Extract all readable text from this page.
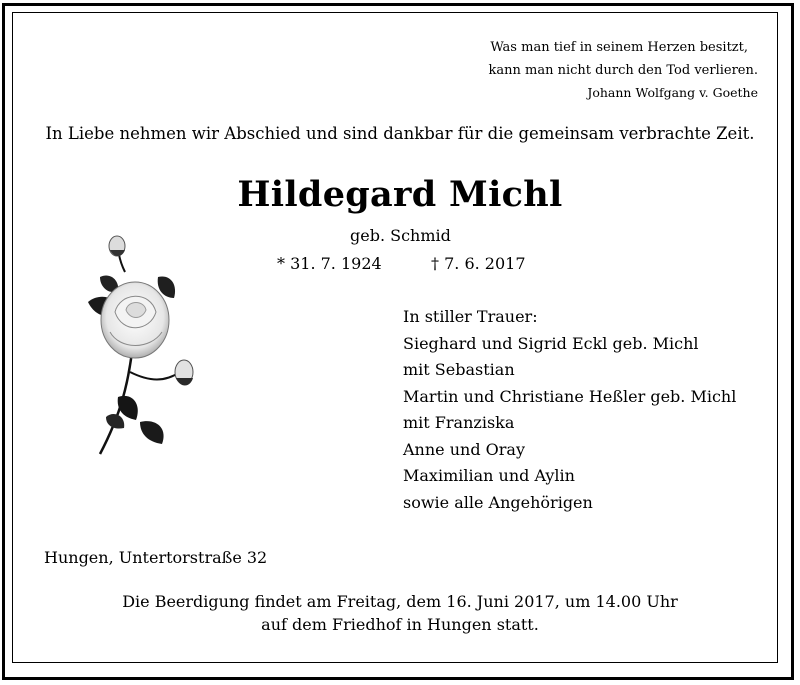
Was man tief in seinem Herzen besitzt,
kann man nicht durch den Tod verlieren.
Johann Wolfgang v. Goethe
In Liebe nehmen wir Abschied und sind dankbar für die gemeinsam verbrachte Zeit.
Hildegard Michl
geb. Schmid
* 31. 7. 1924	† 7. 6. 2017
In stiller Trauer:
Sieghard und Sigrid Eckl geb. Michl
mit Sebastian
Martin und Christiane Heßler geb. Michl
mit Franziska
Anne und Oray
Maximilian und Aylin
sowie alle Angehörigen
Hungen, Untertorstraße 32
Die Beerdigung findet am Freitag, dem 16. Juni 2017, um 14.00 Uhr
auf dem Friedhof in Hungen statt.
